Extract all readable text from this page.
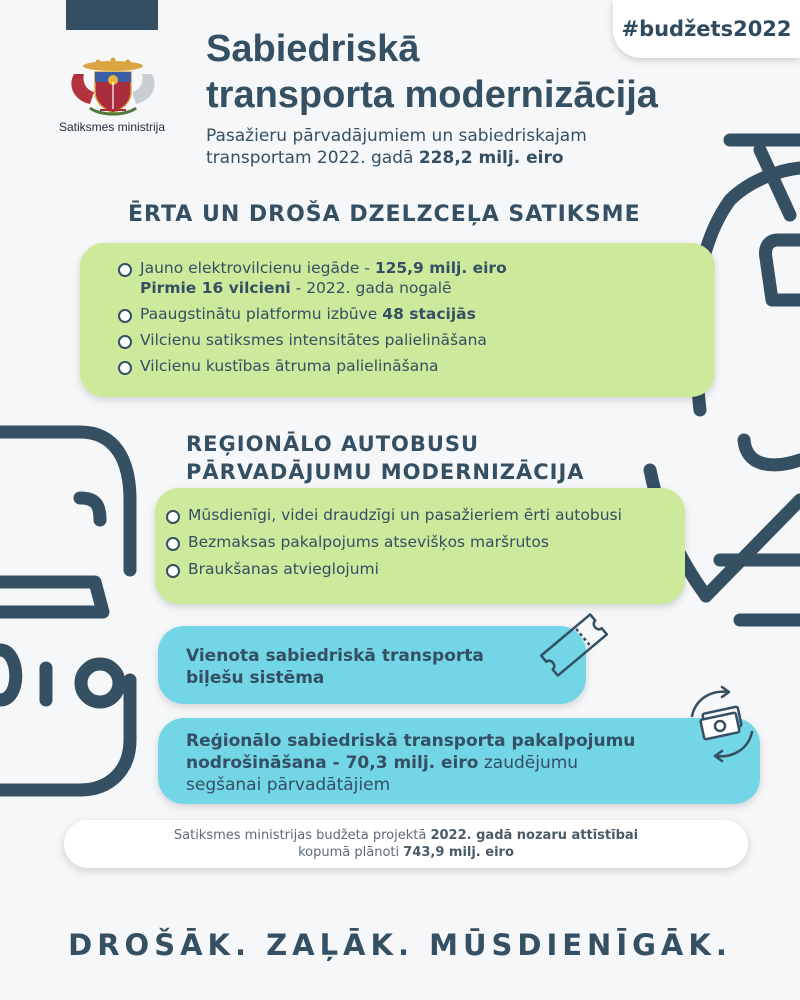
#budžets2022
Satiksmes ministrija
Sabiedriskā
transporta modernizācija
Pasažieru pārvadājumiem un sabiedriskajam
transportam 2022. gadā 228,2 milj. eiro
ĒRTA UN DROŠA DZELZCEĻA SATIKSME
Jauno elektrovilcienu iegāde - 125,9 milj. eiro
Pirmie 16 vilcieni - 2022. gada nogalē
Paaugstinātu platformu izbūve 48 stacijās
Vilcienu satiksmes intensitātes palielināšana
Vilcienu kustības ātruma palielināšana
REĢIONĀLO AUTOBUSU
PĀRVADĀJUMU MODERNIZĀCIJA
Mūsdienīgi, videi draudzīgi un pasažieriem ērti autobusi
Bezmaksas pakalpojums atsevišķos maršrutos
Braukšanas atvieglojumi
Vienota sabiedriskā transporta
biļešu sistēma
Reģionālo sabiedriskā transporta pakalpojumu
nodrošināšana - 70,3 milj. eiro zaudējumu
segšanai pārvadātājiem
Satiksmes ministrijas budžeta projektā 2022. gadā nozaru attīstībai
kopumā plānoti 743,9 milj. eiro
DROŠĀK. ZAĻĀK. MŪSDIENĪGĀK.
